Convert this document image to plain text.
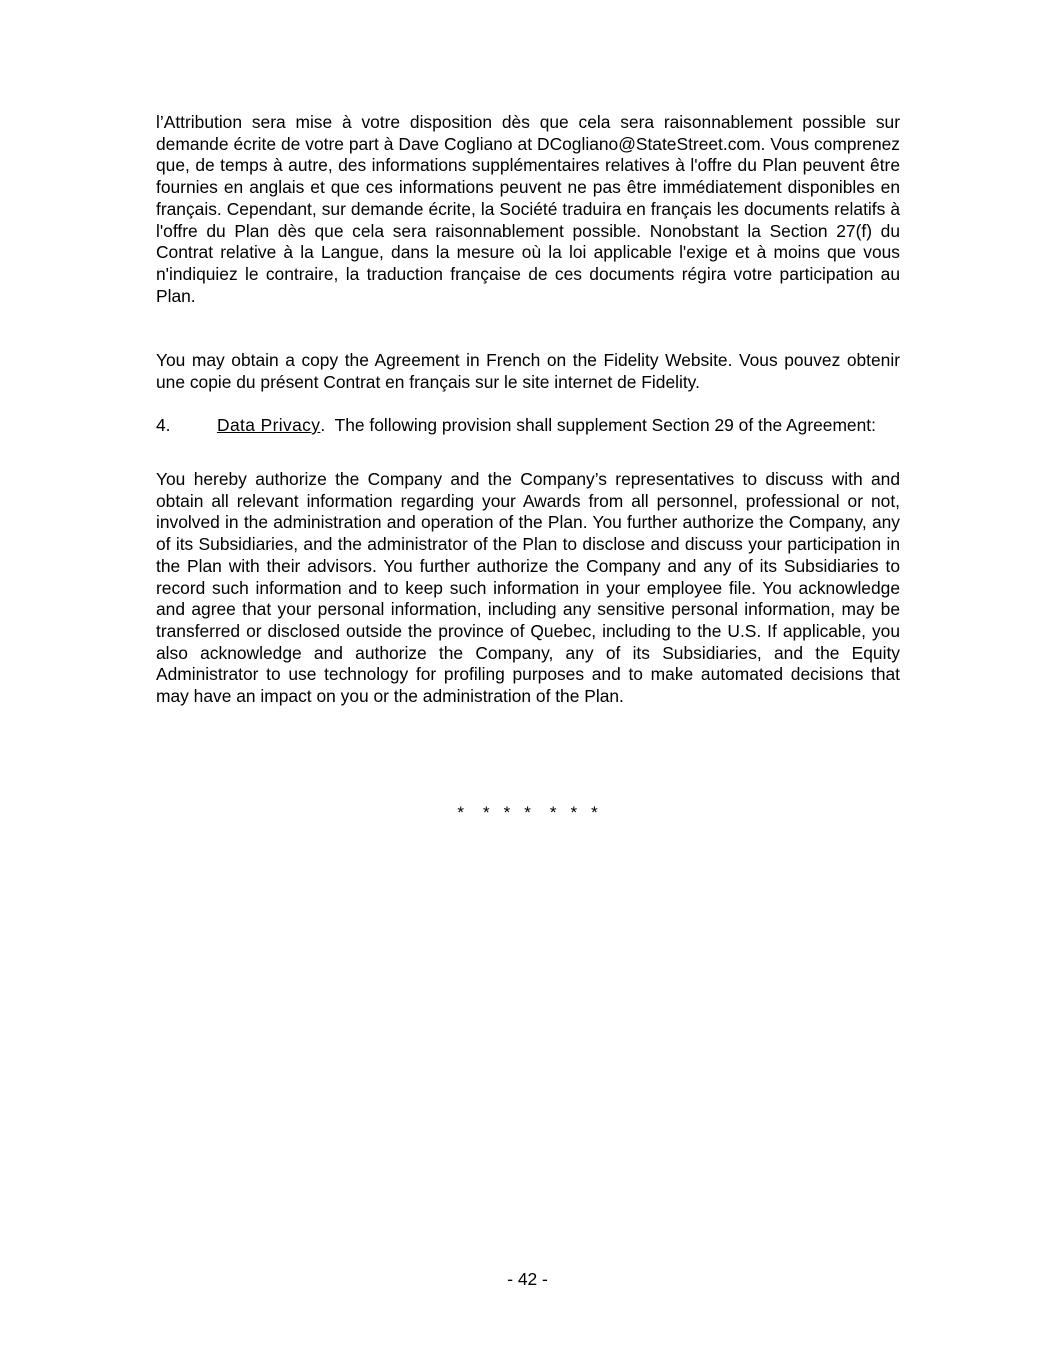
l’Attribution sera mise à votre disposition dès que cela sera raisonnablement possible sur demande écrite de votre part à Dave Cogliano at DCogliano@StateStreet.com. Vous comprenez que, de temps à autre, des informations supplémentaires relatives à l'offre du Plan peuvent être fournies en anglais et que ces informations peuvent ne pas être immédiatement disponibles en français. Cependant, sur demande écrite, la Société traduira en français les documents relatifs à l'offre du Plan dès que cela sera raisonnablement possible. Nonobstant la Section 27(f) du Contrat relative à la Langue, dans la mesure où la loi applicable l'exige et à moins que vous n'indiquiez le contraire, la traduction française de ces documents régira votre participation au Plan.

You may obtain a copy the Agreement in French on the Fidelity Website. Vous pouvez obtenir une copie du présent Contrat en français sur le site internet de Fidelity.

4.	Data Privacy.  The following provision shall supplement Section 29 of the Agreement:

You hereby authorize the Company and the Company’s representatives to discuss with and obtain all relevant information regarding your Awards from all personnel, professional or not, involved in the administration and operation of the Plan. You further authorize the Company, any of its Subsidiaries, and the administrator of the Plan to disclose and discuss your participation in the Plan with their advisors. You further authorize the Company and any of its Subsidiaries to record such information and to keep such information in your employee file. You acknowledge and agree that your personal information, including any sensitive personal information, may be transferred or disclosed outside the province of Quebec, including to the U.S. If applicable, you also acknowledge and authorize the Company, any of its Subsidiaries, and the Equity Administrator to use technology for profiling purposes and to make automated decisions that may have an impact on you or the administration of the Plan.

* * * * * * *

- 42 -
